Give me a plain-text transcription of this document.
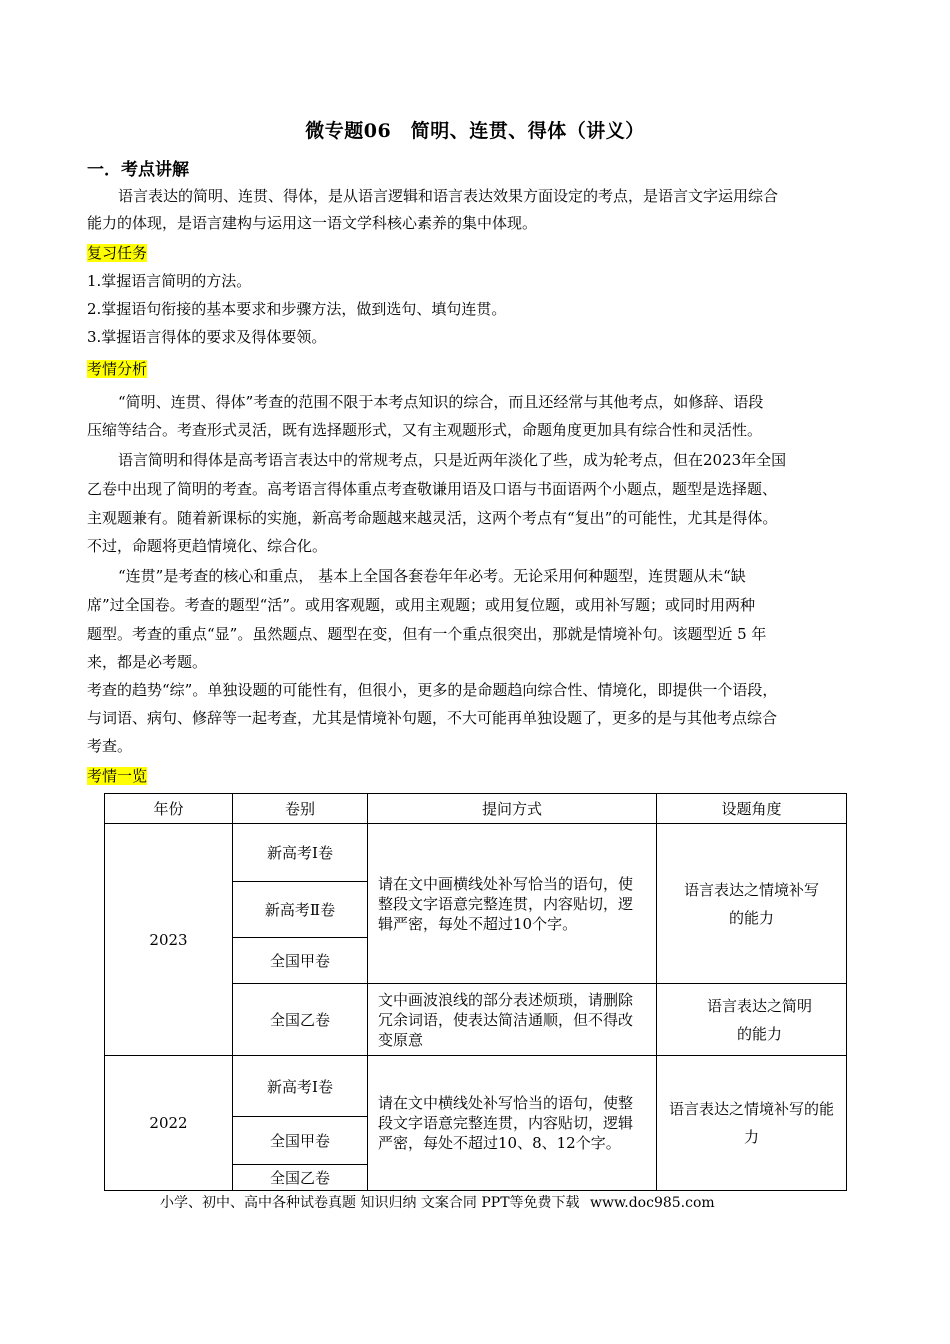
微专题06　简明、连贯、得体（讲义）
一．考点讲解
语言表达的简明、连贯、得体，是从语言逻辑和语言表达效果方面设定的考点，是语言文字运用综合
能力的体现，是语言建构与运用这一语文学科核心素养的集中体现。
复习任务
1.掌握语言简明的方法。
2.掌握语句衔接的基本要求和步骤方法，做到选句、填句连贯。
3.掌握语言得体的要求及得体要领。
考情分析
“简明、连贯、得体”考查的范围不限于本考点知识的综合，而且还经常与其他考点，如修辞、语段
压缩等结合。考查形式灵活，既有选择题形式，又有主观题形式，命题角度更加具有综合性和灵活性。
语言简明和得体是高考语言表达中的常规考点，只是近两年淡化了些，成为轮考点，但在2023年全国
乙卷中出现了简明的考查。高考语言得体重点考查敬谦用语及口语与书面语两个小题点，题型是选择题、
主观题兼有。随着新课标的实施，新高考命题越来越灵活，这两个考点有“复出”的可能性，尤其是得体。
不过，命题将更趋情境化、综合化。
“连贯”是考查的核心和重点， 基本上全国各套卷年年必考。无论采用何种题型，连贯题从未“缺
席”过全国卷。考查的题型“活”。或用客观题，或用主观题；或用复位题，或用补写题；或同时用两种
题型。考查的重点“显”。虽然题点、题型在变，但有一个重点很突出，那就是情境补句。该题型近 5 年
来，都是必考题。
考查的趋势“综”。单独设题的可能性有，但很小，更多的是命题趋向综合性、情境化，即提供一个语段，
与词语、病句、修辞等一起考查，尤其是情境补句题，不大可能再单独设题了，更多的是与其他考点综合
考查。
考情一览
年份	卷别	提问方式	设题角度
2023	新高考Ⅰ卷	请在文中画横线处补写恰当的语句，使整段文字语意完整连贯，内容贴切，逻辑严密，每处不超过10个字。	语言表达之情境补写的能力
	新高考Ⅱ卷		
	全国甲卷		
	全国乙卷	文中画波浪线的部分表述烦琐，请删除冗余词语，使表达简洁通顺，但不得改变原意	语言表达之简明的能力
2022	新高考Ⅰ卷	请在文中横线处补写恰当的语句，使整段文字语意完整连贯，内容贴切，逻辑严密，每处不超过10、8、12个字。	语言表达之情境补写的能力
	全国甲卷		
	全国乙卷		
小学、初中、高中各种试卷真题 知识归纳 文案合同 PPT等免费下载 www.doc985.com
